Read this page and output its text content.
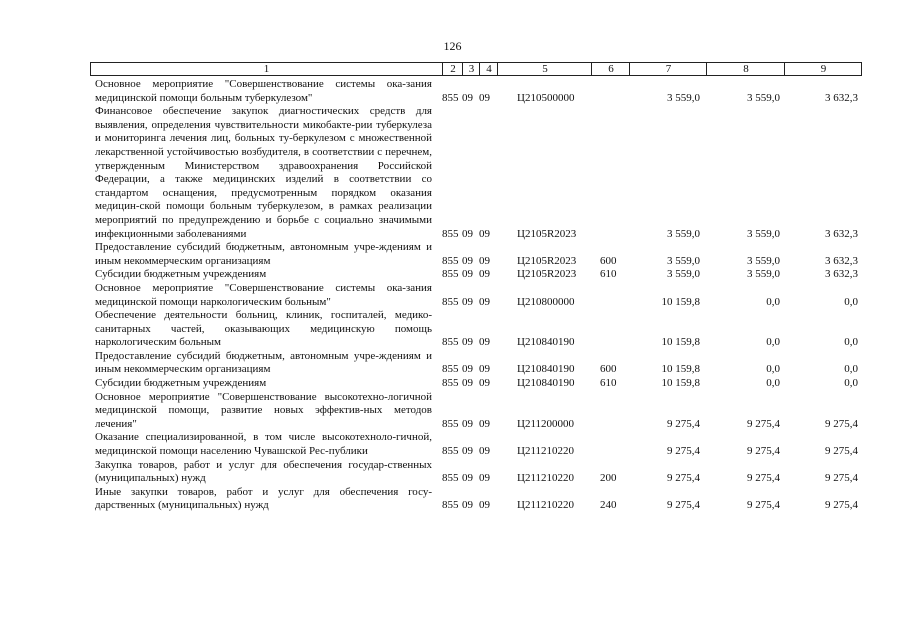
126
1	2	3	4	5	6	7	8	9
Основное мероприятие "Совершенствование системы ока-зания медицинской помощи больным туберкулезом"	855 09 09 Ц210500000	3 559,0	3 559,0	3 632,3
Финансовое обеспечение закупок диагностических средств для выявления, определения чувствительности микобакте-рии туберкулеза и мониторинга лечения лиц, больных ту-беркулезом с множественной лекарственной устойчивостью возбудителя, в соответствии с перечнем, утвержденным Министерством здравоохранения Российской Федерации, а также медицинских изделий в соответствии со стандартом оснащения, предусмотренным порядком оказания медицин-ской помощи больным туберкулезом, в рамках реализации мероприятий по предупреждению и борьбе с социально значимыми инфекционными заболеваниями	855 09 09 Ц2105R2023	3 559,0	3 559,0	3 632,3
Предоставление субсидий бюджетным, автономным учре-ждениям и иным некоммерческим организациям	855 09 09 Ц2105R2023 600	3 559,0	3 559,0	3 632,3
Субсидии бюджетным учреждениям	855 09 09 Ц2105R2023 610	3 559,0	3 559,0	3 632,3
Основное мероприятие "Совершенствование системы ока-зания медицинской помощи наркологическим больным"	855 09 09 Ц210800000	10 159,8	0,0	0,0
Обеспечение деятельности больниц, клиник, госпиталей, медико-санитарных частей, оказывающих медицинскую помощь наркологическим больным	855 09 09 Ц210840190	10 159,8	0,0	0,0
Предоставление субсидий бюджетным, автономным учре-ждениям и иным некоммерческим организациям	855 09 09 Ц210840190 600	10 159,8	0,0	0,0
Субсидии бюджетным учреждениям	855 09 09 Ц210840190 610	10 159,8	0,0	0,0
Основное мероприятие "Совершенствование высокотехно-логичной медицинской помощи, развитие новых эффектив-ных методов лечения"	855 09 09 Ц211200000	9 275,4	9 275,4	9 275,4
Оказание специализированной, в том числе высокотехноло-гичной, медицинской помощи населению Чувашской Рес-публики	855 09 09 Ц211210220	9 275,4	9 275,4	9 275,4
Закупка товаров, работ и услуг для обеспечения государ-ственных (муниципальных) нужд	855 09 09 Ц211210220 200	9 275,4	9 275,4	9 275,4
Иные закупки товаров, работ и услуг для обеспечения госу-дарственных (муниципальных) нужд	855 09 09 Ц211210220 240	9 275,4	9 275,4	9 275,4
